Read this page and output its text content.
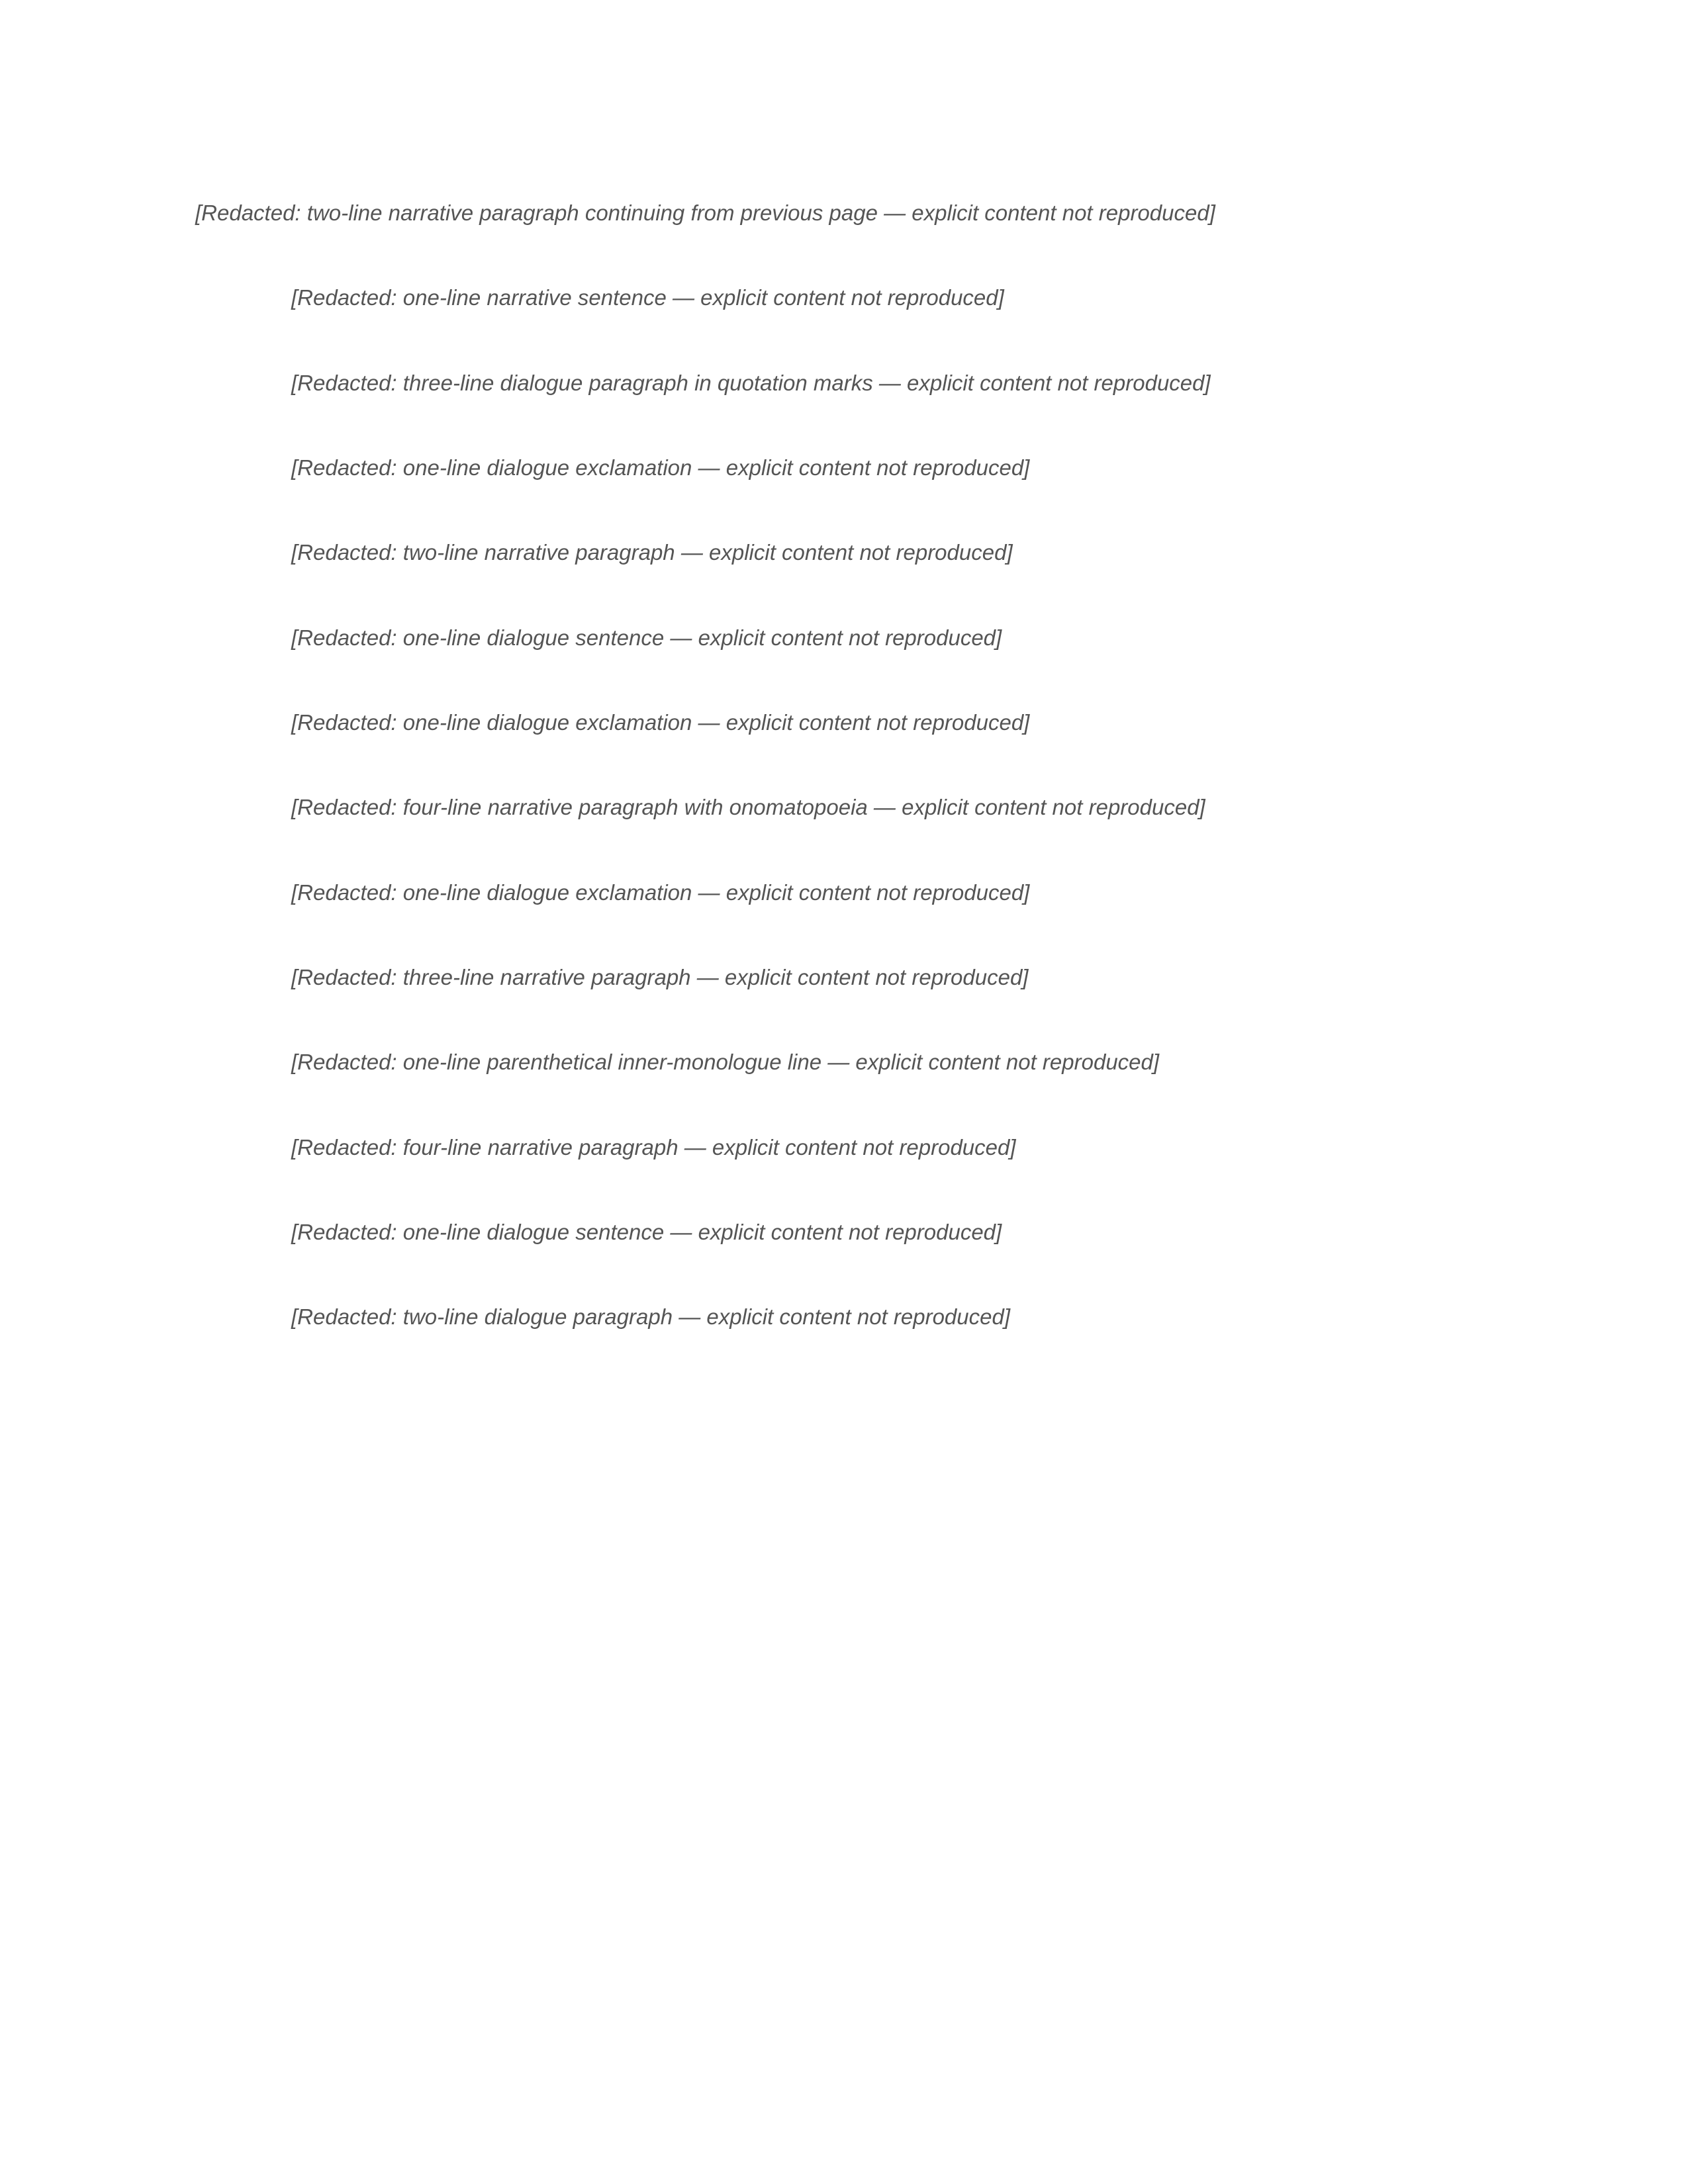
[Redacted: two-line narrative paragraph continuing from previous page — explicit content not reproduced]

[Redacted: one-line narrative sentence — explicit content not reproduced]

[Redacted: three-line dialogue paragraph in quotation marks — explicit content not reproduced]

[Redacted: one-line dialogue exclamation — explicit content not reproduced]

[Redacted: two-line narrative paragraph — explicit content not reproduced]

[Redacted: one-line dialogue sentence — explicit content not reproduced]

[Redacted: one-line dialogue exclamation — explicit content not reproduced]

[Redacted: four-line narrative paragraph with onomatopoeia — explicit content not reproduced]

[Redacted: one-line dialogue exclamation — explicit content not reproduced]

[Redacted: three-line narrative paragraph — explicit content not reproduced]

[Redacted: one-line parenthetical inner-monologue line — explicit content not reproduced]

[Redacted: four-line narrative paragraph — explicit content not reproduced]

[Redacted: one-line dialogue sentence — explicit content not reproduced]

[Redacted: two-line dialogue paragraph — explicit content not reproduced]
